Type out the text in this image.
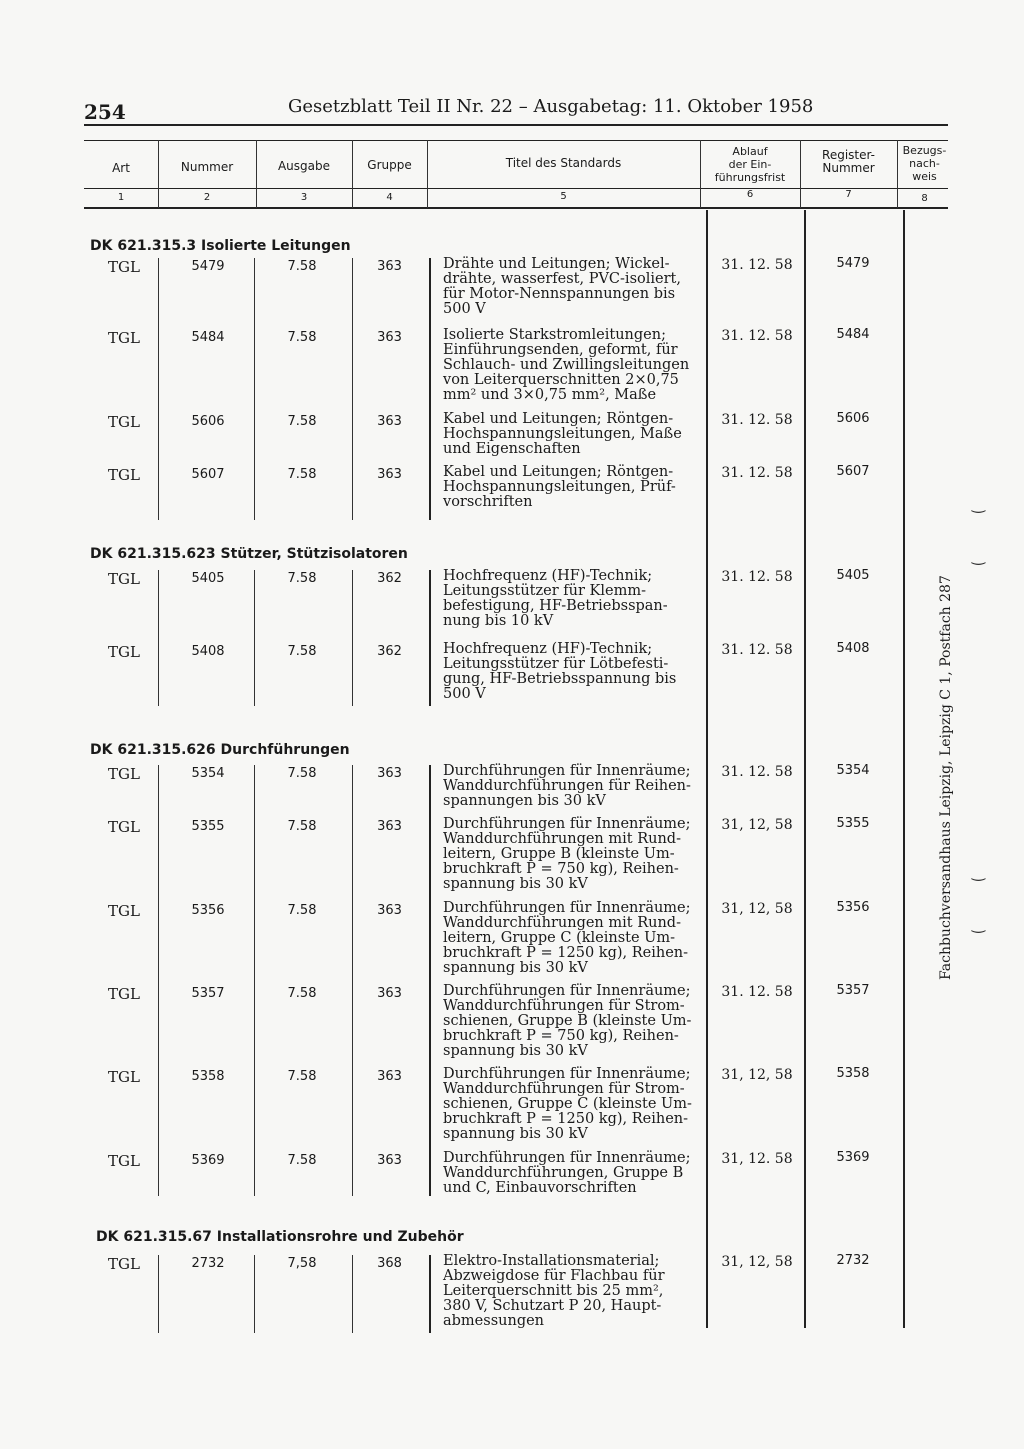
254	Gesetzblatt Teil II Nr. 22 – Ausgabetag: 11. Oktober 1958
Art	Nummer	Ausgabe	Gruppe	Titel des Standards
Ablauf
der Ein-
führungsfrist
Register-
Nummer
Bezugs-
nach-
weis
1	2	3	4	5	6	7	8
DK 621.315.3 Isolierte Leitungen
TGL	5479	7.58	363	Drähte und Leitungen; Wickel-
drähte, wasserfest, PVC-isoliert,
für Motor-Nennspannungen bis
500 V
31. 12. 58	5479
TGL	5484	7.58	363	Isolierte Starkstromleitungen;
Einführungsenden, geformt, für
Schlauch- und Zwillingsleitungen
von Leiterquerschnitten 2×0,75
mm² und 3×0,75 mm², Maße
31. 12. 58	5484
TGL	5606	7.58	363	Kabel und Leitungen; Röntgen-
Hochspannungsleitungen, Maße
und Eigenschaften
31. 12. 58	5606
TGL	5607	7.58	363	Kabel und Leitungen; Röntgen-
Hochspannungsleitungen, Prüf-
vorschriften
31. 12. 58	5607
DK 621.315.623 Stützer, Stützisolatoren
TGL	5405	7.58	362	Hochfrequenz (HF)-Technik;
Leitungsstützer für Klemm-
befestigung, HF-Betriebsspan-
nung bis 10 kV
31. 12. 58	5405
TGL	5408	7.58	362	Hochfrequenz (HF)-Technik;
Leitungsstützer für Lötbefesti-
gung, HF-Betriebsspannung bis
500 V
31. 12. 58	5408
DK 621.315.626 Durchführungen
TGL	5354	7.58	363	Durchführungen für Innenräume;
Wanddurchführungen für Reihen-
spannungen bis 30 kV
31. 12. 58	5354
TGL	5355	7.58	363	Durchführungen für Innenräume;
Wanddurchführungen mit Rund-
leitern, Gruppe B (kleinste Um-
bruchkraft P = 750 kg), Reihen-
spannung bis 30 kV
31, 12, 58	5355
TGL	5356	7.58	363	Durchführungen für Innenräume;
Wanddurchführungen mit Rund-
leitern, Gruppe C (kleinste Um-
bruchkraft P = 1250 kg), Reihen-
spannung bis 30 kV
31, 12, 58	5356
TGL	5357	7.58	363	Durchführungen für Innenräume;
Wanddurchführungen für Strom-
schienen, Gruppe B (kleinste Um-
bruchkraft P = 750 kg), Reihen-
spannung bis 30 kV
31. 12. 58	5357
TGL	5358	7.58	363	Durchführungen für Innenräume;
Wanddurchführungen für Strom-
schienen, Gruppe C (kleinste Um-
bruchkraft P = 1250 kg), Reihen-
spannung bis 30 kV
31, 12, 58	5358
TGL	5369	7.58	363	Durchführungen für Innenräume;
Wanddurchführungen, Gruppe B
und C, Einbauvorschriften
31, 12. 58	5369
DK 621.315.67 Installationsrohre und Zubehör
TGL	2732	7,58	368	Elektro-Installationsmaterial;
Abzweigdose für Flachbau für
Leiterquerschnitt bis 25 mm²,
380 V, Schutzart P 20, Haupt-
abmessungen
31, 12, 58	2732
Fachbuchversandhaus Leipzig, Leipzig C 1, Postfach 287
‿
‿
‿
‿
